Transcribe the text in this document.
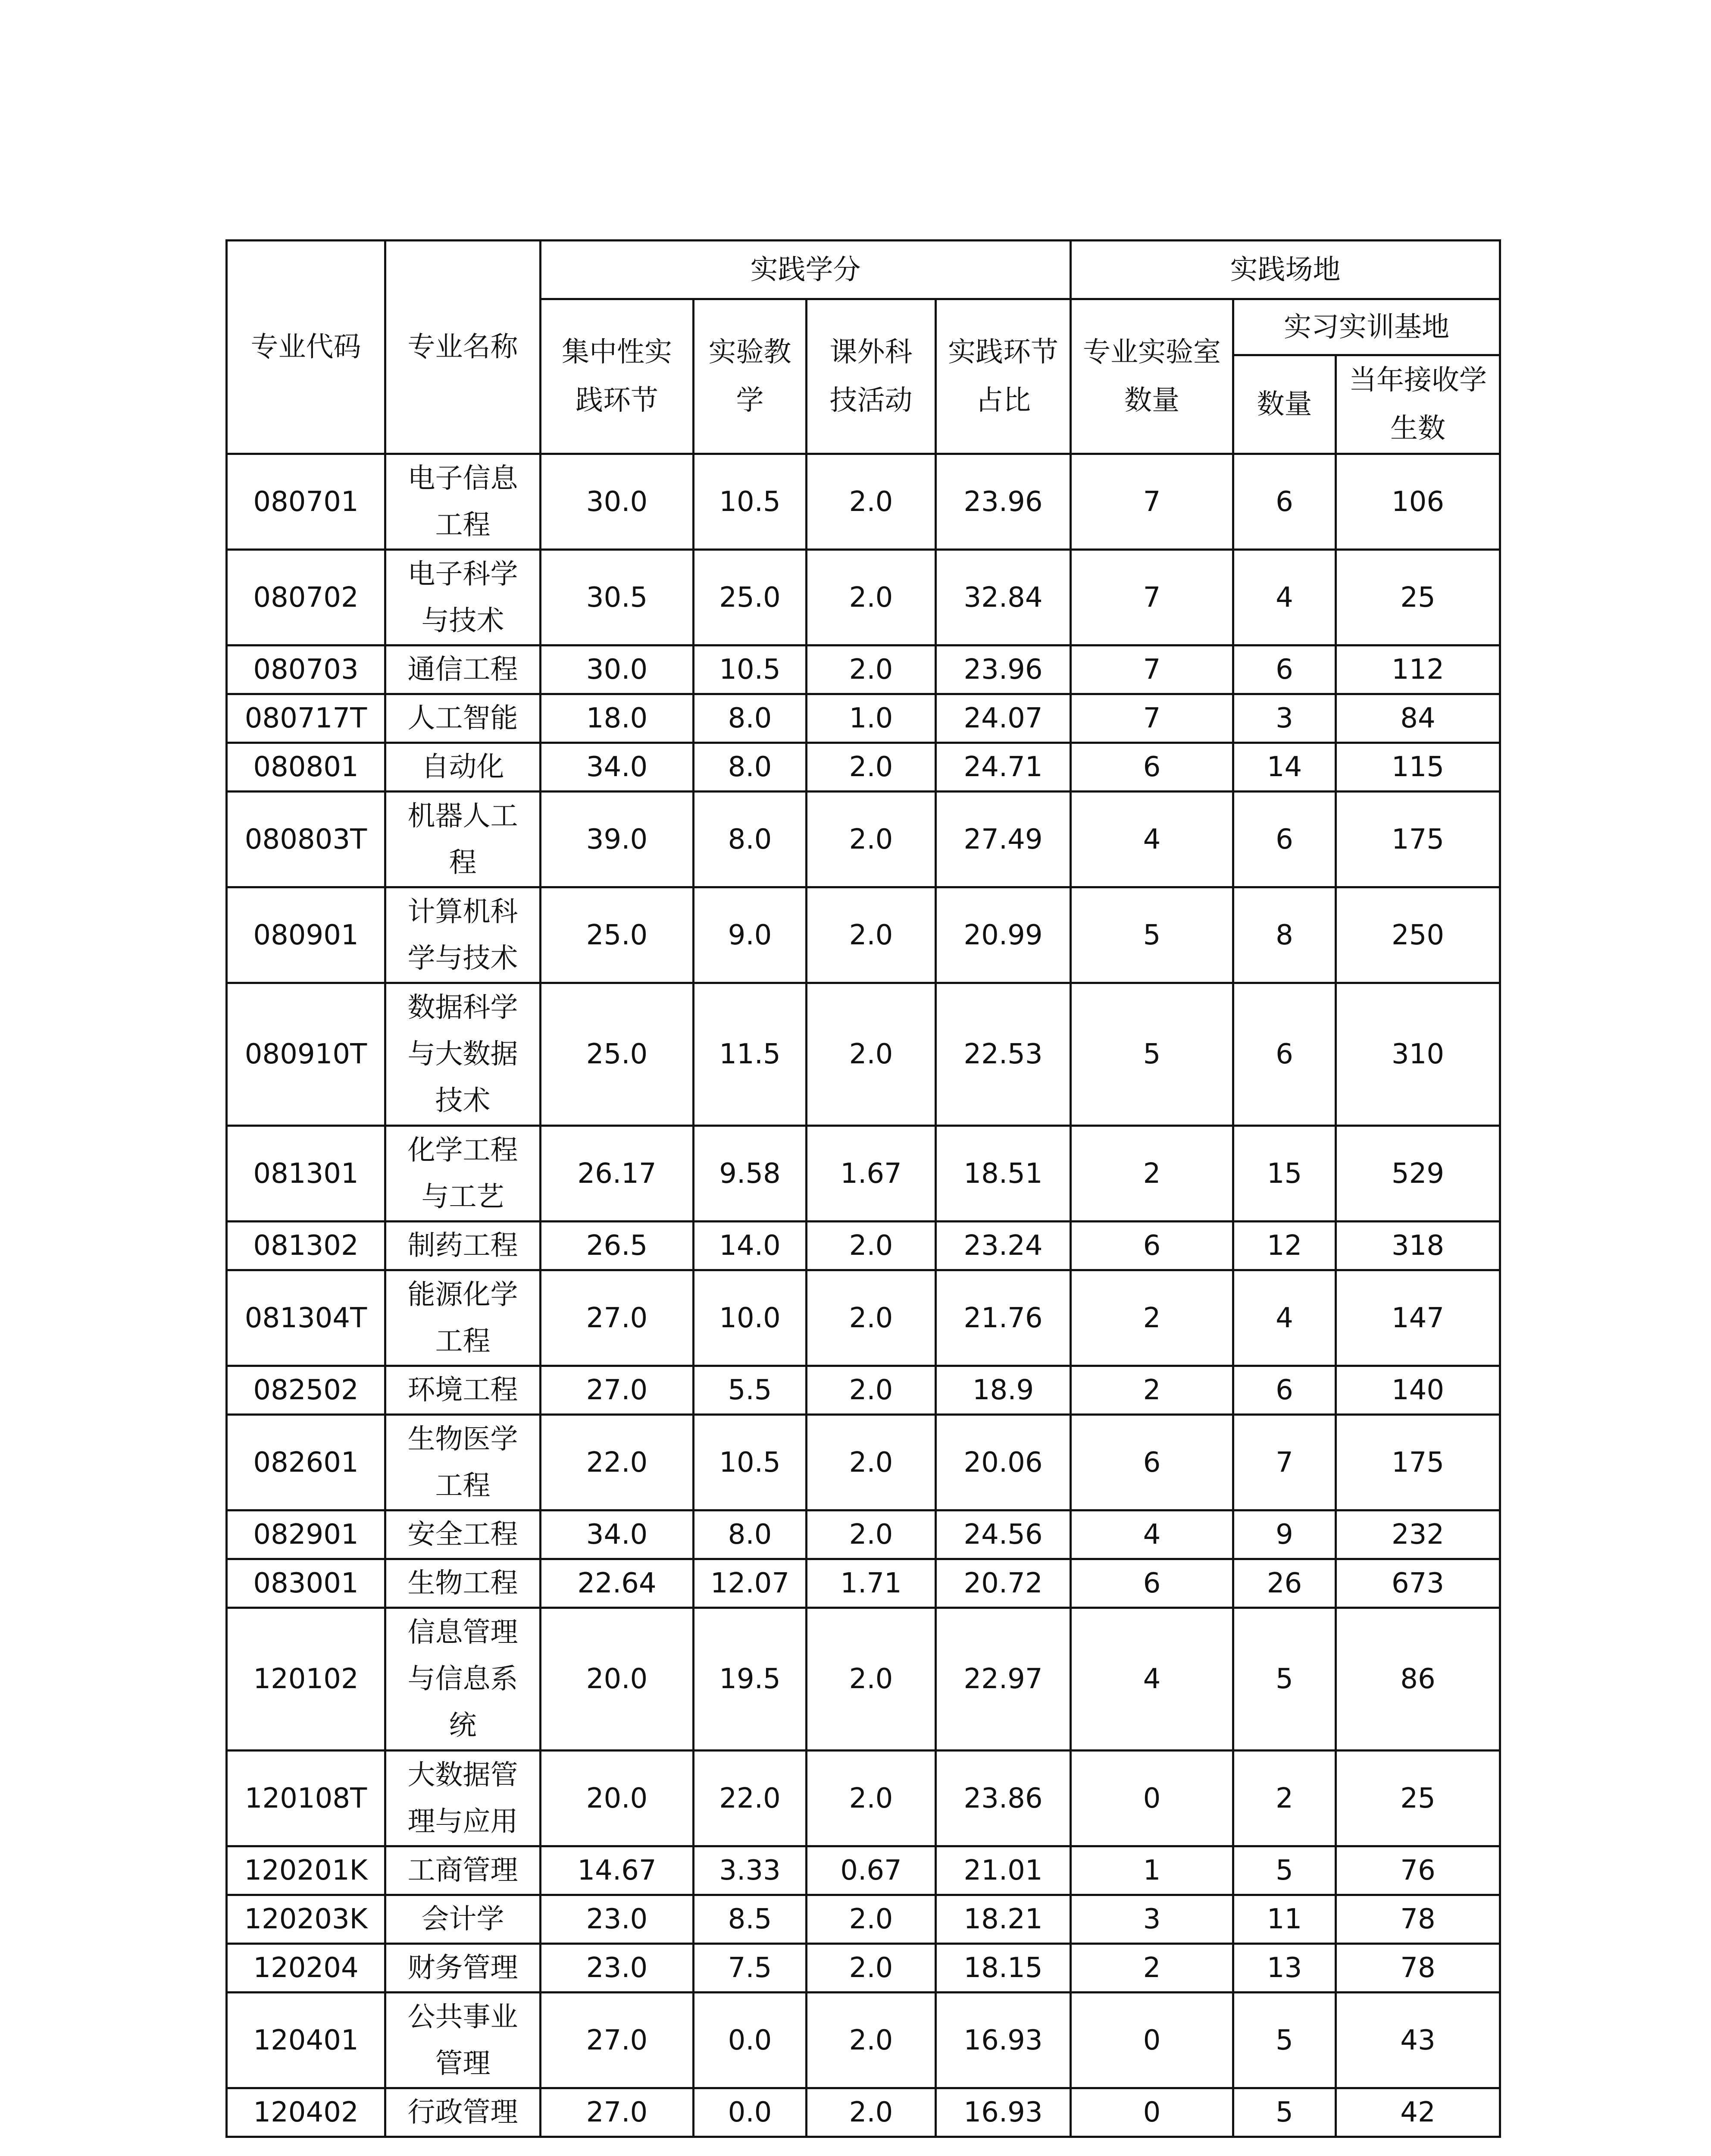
专业代码	专业名称	实践学分				实践场地		
		集中性实践环节	实验教学	课外科技活动	实践环节占比	专业实验室数量	实习实训基地	
							数量	当年接收学生数
080701	电子信息工程	30.0	10.5	2.0	23.96	7	6	106
080702	电子科学与技术	30.5	25.0	2.0	32.84	7	4	25
080703	通信工程	30.0	10.5	2.0	23.96	7	6	112
080717T	人工智能	18.0	8.0	1.0	24.07	7	3	84
080801	自动化	34.0	8.0	2.0	24.71	6	14	115
080803T	机器人工程	39.0	8.0	2.0	27.49	4	6	175
080901	计算机科学与技术	25.0	9.0	2.0	20.99	5	8	250
080910T	数据科学与大数据技术	25.0	11.5	2.0	22.53	5	6	310
081301	化学工程与工艺	26.17	9.58	1.67	18.51	2	15	529
081302	制药工程	26.5	14.0	2.0	23.24	6	12	318
081304T	能源化学工程	27.0	10.0	2.0	21.76	2	4	147
082502	环境工程	27.0	5.5	2.0	18.9	2	6	140
082601	生物医学工程	22.0	10.5	2.0	20.06	6	7	175
082901	安全工程	34.0	8.0	2.0	24.56	4	9	232
083001	生物工程	22.64	12.07	1.71	20.72	6	26	673
120102	信息管理与信息系统	20.0	19.5	2.0	22.97	4	5	86
120108T	大数据管理与应用	20.0	22.0	2.0	23.86	0	2	25
120201K	工商管理	14.67	3.33	0.67	21.01	1	5	76
120203K	会计学	23.0	8.5	2.0	18.21	3	11	78
120204	财务管理	23.0	7.5	2.0	18.15	2	13	78
120401	公共事业管理	27.0	0.0	2.0	16.93	0	5	43
120402	行政管理	27.0	0.0	2.0	16.93	0	5	42
